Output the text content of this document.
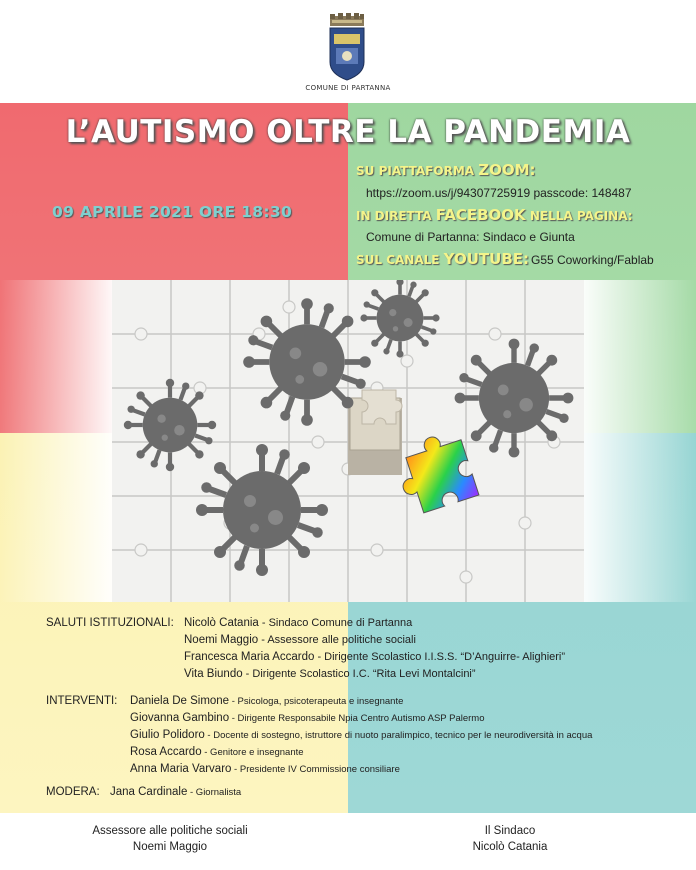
COMUNE DI PARTANNA
L’AUTISMO OLTRE LA PANDEMIA
09 APRILE 2021 ORE 18:30
SU PIATTAFORMA ZOOM:
https://zoom.us/j/94307725919 passcode: 148487
IN DIRETTA FACEBOOK NELLA PAGINA:
Comune di Partanna: Sindaco e Giunta
SUL CANALE YOUTUBE: G55 Coworking/Fablab
SALUTI ISTITUZIONALI: Nicolò Catania - Sindaco Comune di Partanna
Noemi Maggio - Assessore alle politiche sociali
Francesca Maria Accardo - Dirigente Scolastico I.I.S.S. “D’Anguirre- Alighieri”
Vita Biundo - Dirigente Scolastico I.C. “Rita Levi Montalcini”
INTERVENTI: Daniela De Simone - Psicologa, psicoterapeuta e insegnante
Giovanna Gambino - Dirigente Responsabile Npia Centro Autismo ASP Palermo
Giulio Polidoro - Docente di sostegno, istruttore di nuoto paralimpico, tecnico per le neurodiversità in acqua
Rosa Accardo - Genitore e insegnante
Anna Maria Varvaro - Presidente IV Commissione consiliare
MODERA: Jana Cardinale - Giornalista
Assessore alle politiche sociali
Noemi Maggio
Il Sindaco
Nicolò Catania
